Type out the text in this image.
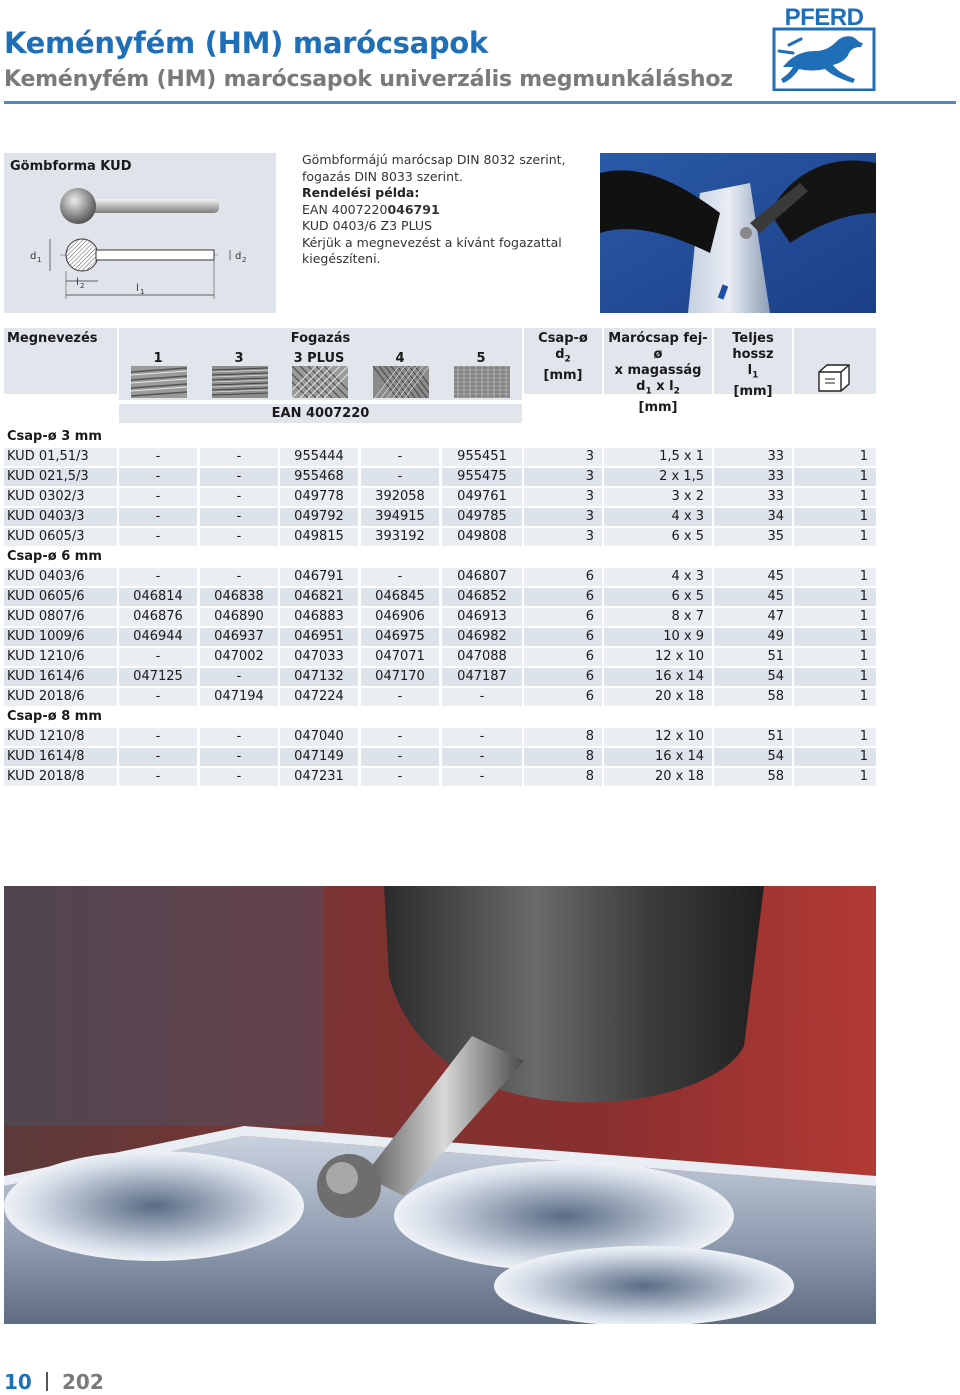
Keményfém (HM) marócsapok
Keményfém (HM) marócsapok univerzális megmunkáláshoz
PFERD
d 1	d 2
l 2	l 1
Gömbforma KUD	Gömbformájú marócsap DIN 8032 szerint,
fogazás DIN 8033 szerint.
Rendelési példa:
EAN 4007220046791
KUD 0403/6 Z3 PLUS
Kérjük a megnevezést a kívánt fogazattal
kiegészíteni.
Megnevezés	Fogazás
1	3	3 PLUS	4	5
EAN 4007220
Csap-ø
$d_2$
[mm]
Marócsap fej-ø
x magasság
$d_1$ x $l_2$
[mm]
Teljes
hossz
$l_1$
[mm]
Csap-ø 3 mm
KUD 01,51/3	-	-	955444	-	955451	3	1,5 x 1	33	1
KUD 021,5/3	-	-	955468	-	955475	3	2 x 1,5	33	1
KUD 0302/3	-	-	049778	392058	049761	3	3 x 2	33	1
KUD 0403/3	-	-	049792	394915	049785	3	4 x 3	34	1
KUD 0605/3	-	-	049815	393192	049808	3	6 x 5	35	1
Csap-ø 6 mm
KUD 0403/6	-	-	046791	-	046807	6	4 x 3	45	1
KUD 0605/6	046814	046838	046821	046845	046852	6	6 x 5	45	1
KUD 0807/6	046876	046890	046883	046906	046913	6	8 x 7	47	1
KUD 1009/6	046944	046937	046951	046975	046982	6	10 x 9	49	1
KUD 1210/6	-	047002	047033	047071	047088	6	12 x 10	51	1
KUD 1614/6	047125	-	047132	047170	047187	6	16 x 14	54	1
KUD 2018/6	-	047194	047224	-	-	6	20 x 18	58	1
Csap-ø 8 mm
KUD 1210/8	-	-	047040	-	-	8	12 x 10	51	1
KUD 1614/8	-	-	047149	-	-	8	16 x 14	54	1
KUD 2018/8	-	-	047231	-	-	8	20 x 18	58	1
10 202
